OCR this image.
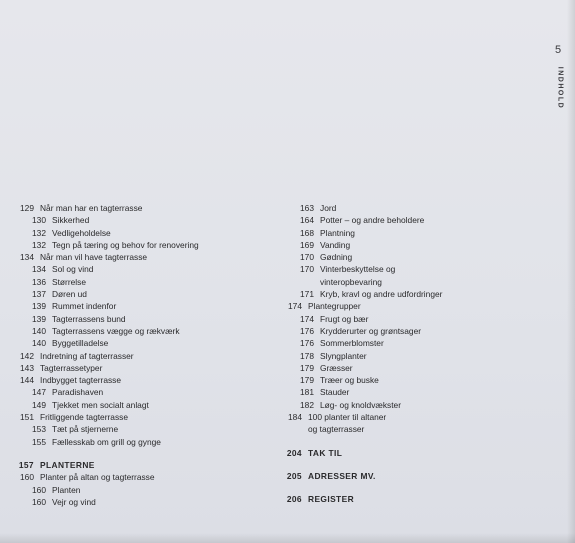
5
INDHOLD
129 Når man har en tagterrasse
130 Sikkerhed
132 Vedligeholdelse
132 Tegn på tæring og behov for renovering
134 Når man vil have tagterrasse
134 Sol og vind
136 Størrelse
137 Døren ud
139 Rummet indenfor
139 Tagterrassens bund
140 Tagterrassens vægge og rækværk
140 Byggetilladelse
142 Indretning af tagterrasser
143 Tagterrassetyper
144 Indbygget tagterrasse
147 Paradishaven
149 Tjekket men socialt anlagt
151 Fritliggende tagterrasse
153 Tæt på stjernerne
155 Fællesskab om grill og gynge
157 PLANTERNE
160 Planter på altan og tagterrasse
160 Planten
160 Vejr og vind
163 Jord
164 Potter – og andre beholdere
168 Plantning
169 Vanding
170 Gødning
170 Vinterbeskyttelse og
vinteropbevaring
171 Kryb, kravl og andre udfordringer
174 Plantegrupper
174 Frugt og bær
176 Krydderurter og grøntsager
176 Sommerblomster
178 Slyngplanter
179 Græsser
179 Træer og buske
181 Stauder
182 Løg- og knoldvækster
184 100 planter til altaner
og tagterrasser
204 TAK TIL
205 ADRESSER MV.
206 REGISTER
